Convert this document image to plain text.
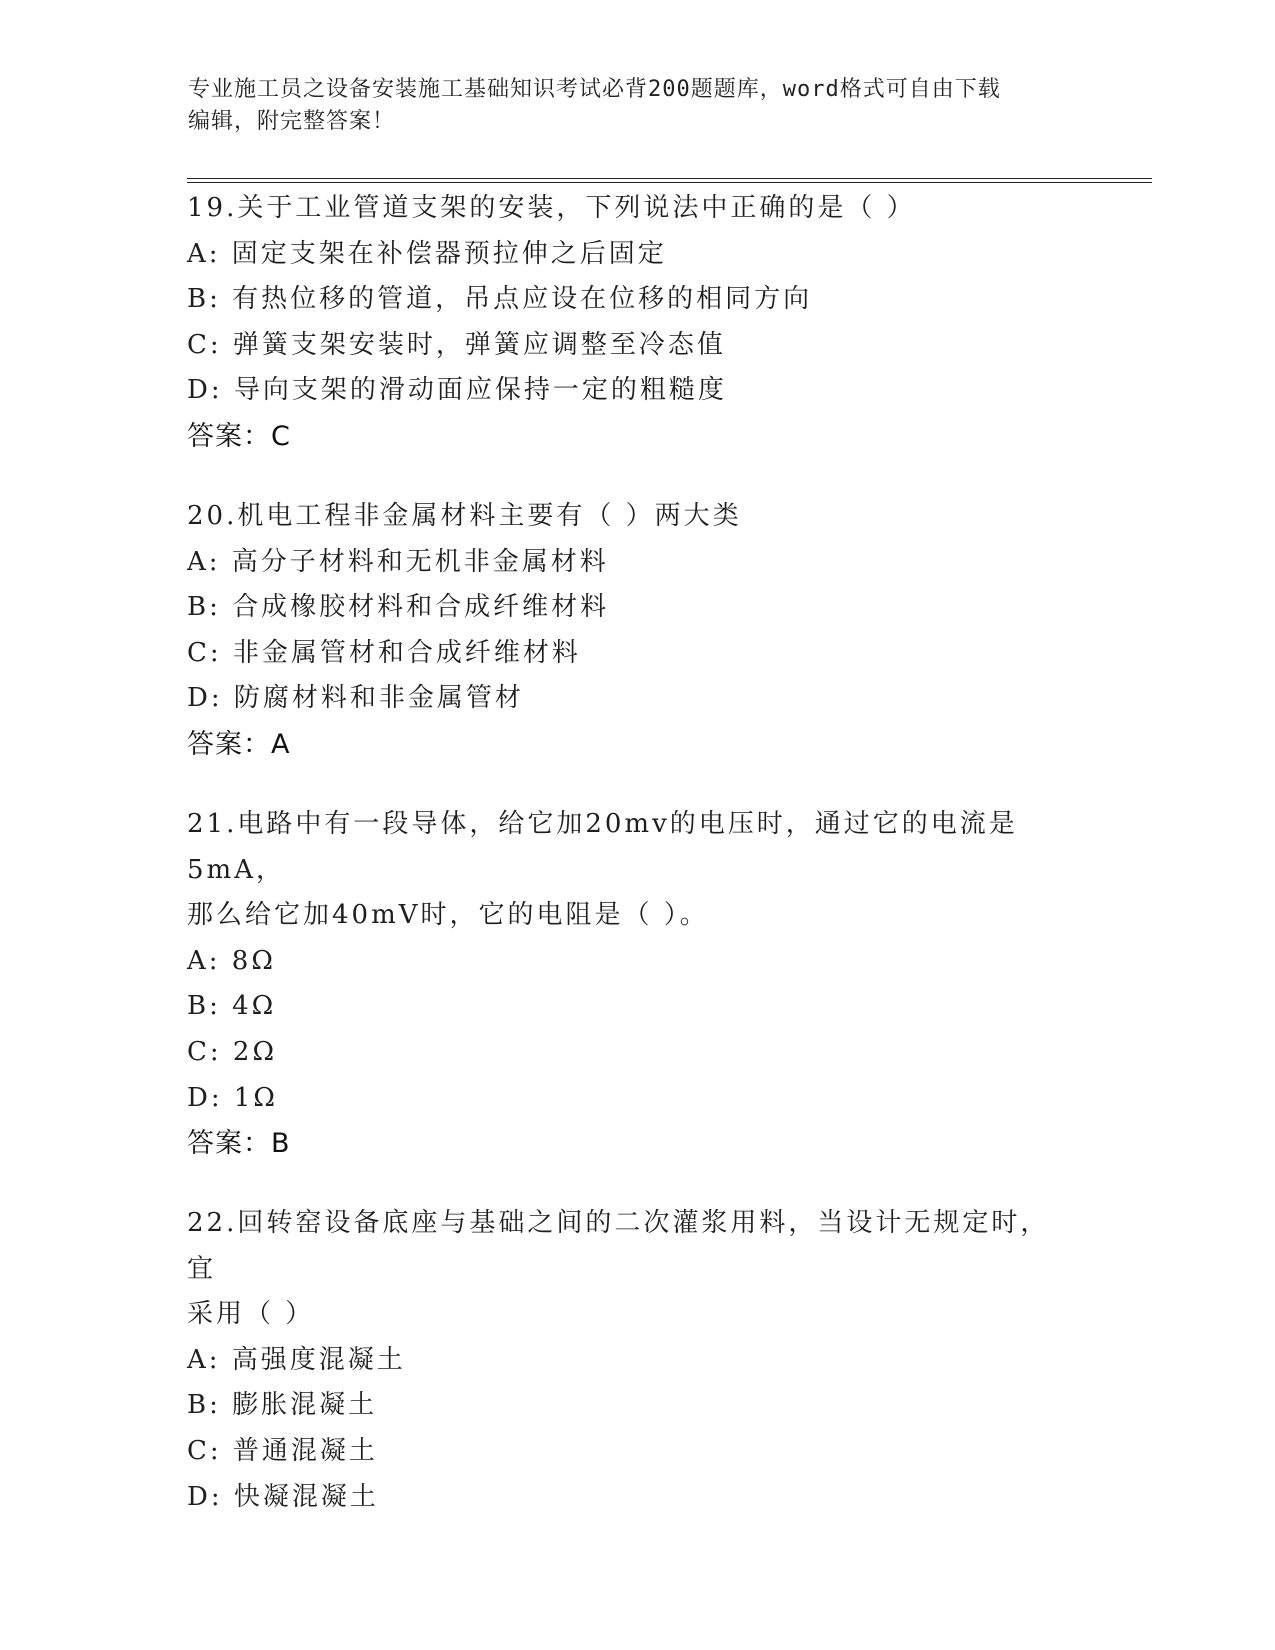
专业施工员之设备安装施工基础知识考试必背200题题库，word格式可自由下载
编辑，附完整答案！

19.关于工业管道支架的安装，下列说法中正确的是（ ）

A: 固定支架在补偿器预拉伸之后固定

B: 有热位移的管道，吊点应设在位移的相同方向

C: 弹簧支架安装时，弹簧应调整至冷态值

D: 导向支架的滑动面应保持一定的粗糙度

答案：C

20.机电工程非金属材料主要有（ ）两大类

A: 高分子材料和无机非金属材料

B: 合成橡胶材料和合成纤维材料

C: 非金属管材和合成纤维材料

D: 防腐材料和非金属管材

答案：A

21.电路中有一段导体，给它加20mv的电压时，通过它的电流是5mA，

那么给它加40mV时，它的电阻是（ ）。

A: 8Ω

B: 4Ω

C: 2Ω

D: 1Ω

答案：B

22.回转窑设备底座与基础之间的二次灌浆用料，当设计无规定时，宜

采用（ ）

A: 高强度混凝土

B: 膨胀混凝土

C: 普通混凝土

D: 快凝混凝土
